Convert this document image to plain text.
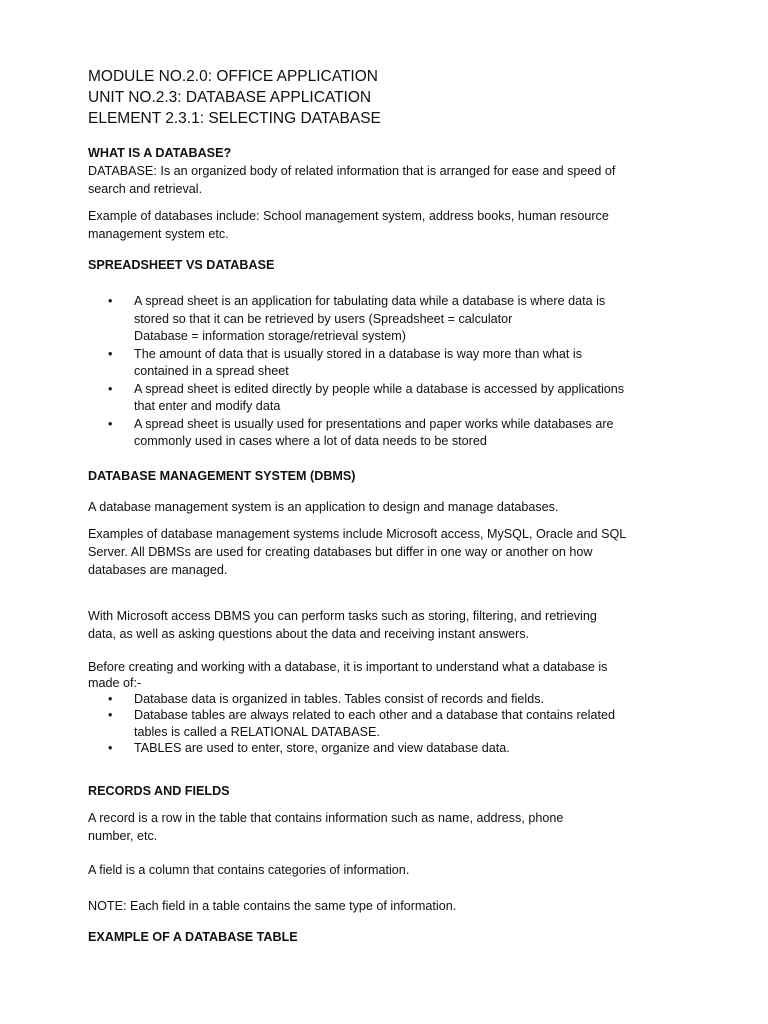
MODULE NO.2.0: OFFICE APPLICATION
UNIT NO.2.3: DATABASE APPLICATION
ELEMENT 2.3.1: SELECTING DATABASE
WHAT IS A DATABASE?
DATABASE: Is an organized body of related information that is arranged for ease and speed of
search and retrieval.
Example of databases include: School management system, address books, human resource
management system etc.
SPREADSHEET VS DATABASE
• A spread sheet is an application for tabulating data while a database is where data is
stored so that it can be retrieved by users (Spreadsheet = calculator
Database = information storage/retrieval system)
• The amount of data that is usually stored in a database is way more than what is
contained in a spread sheet
• A spread sheet is edited directly by people while a database is accessed by applications
that enter and modify data
• A spread sheet is usually used for presentations and paper works while databases are
commonly used in cases where a lot of data needs to be stored
DATABASE MANAGEMENT SYSTEM (DBMS)
A database management system is an application to design and manage databases.
Examples of database management systems include Microsoft access, MySQL, Oracle and SQL
Server. All DBMSs are used for creating databases but differ in one way or another on how
databases are managed.
With Microsoft access DBMS you can perform tasks such as storing, filtering, and retrieving
data, as well as asking questions about the data and receiving instant answers.
Before creating and working with a database, it is important to understand what a database is
made of:-
• Database data is organized in tables. Tables consist of records and fields.
• Database tables are always related to each other and a database that contains related
tables is called a RELATIONAL DATABASE.
• TABLES are used to enter, store, organize and view database data.
RECORDS AND FIELDS
A record is a row in the table that contains information such as name, address, phone
number, etc.
A field is a column that contains categories of information.
NOTE: Each field in a table contains the same type of information.
EXAMPLE OF A DATABASE TABLE
